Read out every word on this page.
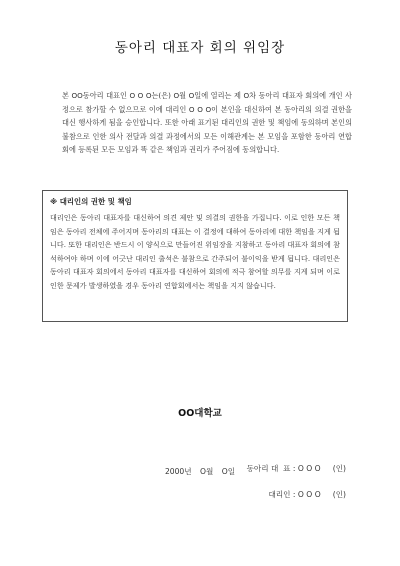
동아리 대표자 회의 위임장
본 OO동아리 대표인 O O O는(은) O월 O일에 열리는 제 O차 동아리 대표자 회의에 개인 사정으로 참가할 수 없으므로 이에 대리인 O O O이 본인을 대신하여 본 동아리의 의결 권한을 대신 행사하게 됨을 승인합니다. 또한 아래 표기된 대리인의 권한 및 책임에 동의하며 본인의 불참으로 인한 의사 전달과 의결 과정에서의 모든 이해관계는 본 모임을 포함한 동아리 연합회에 등록된 모든 모임과 똑 같은 책임과 권리가 주어짐에 동의합니다.
※ 대리인의 권한 및 책임
대리인은 동아리 대표자를 대신하여 의견 제안 및 의결의 권한을 가집니다. 이로 인한 모든 책임은 동아리 전체에 주어지며 동아리의 대표는 이 결정에 대하여 동아리에 대한 책임을 지게 됩니다. 또한 대리인은 반드시 이 양식으로 만들어진 위임장을 지참하고 동아리 대표자 회의에 참석하여야 하며 이에 어긋난 대리인 출석은 불참으로 간주되어 불이익을 받게 됩니다. 대리인은 동아리 대표자 회의에서 동아리 대표자를 대신하여 회의에 적극 참여할 의무를 지게 되며 이로 인한 문제가 발생하였을 경우 동아리 연합회에서는 책임을 지지 않습니다.
OO대학교
2000년 O월 O일	동아리 대  표 : O O O     (인)
대리인 : O O O     (인)
